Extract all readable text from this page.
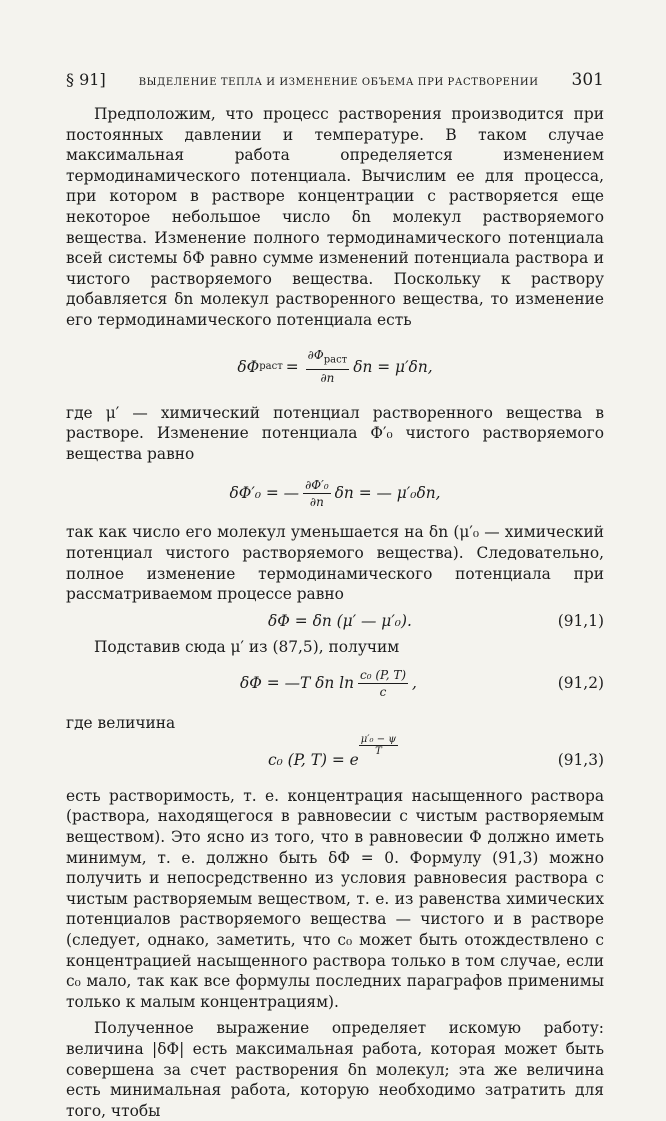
§ 91]	ВЫДЕЛЕНИЕ ТЕПЛА И ИЗМЕНЕНИЕ ОБЪЕМА ПРИ РАСТВОРЕНИИ 301

Предположим, что процесс растворения производится при постоянных давлении и температуре. В таком случае максимальная работа определяется изменением термодинамического потенциала. Вычислим ее для процесса, при котором в растворе концентрации c растворяется еще некоторое небольшое число δn молекул растворяемого вещества. Изменение полного термодинамического потенциала всей системы δΦ равно сумме изменений потенциала раствора и чистого растворяемого вещества. Поскольку к раствору добавляется δn молекул растворенного вещества, то изменение его термодинамического потенциала есть

δΦ раст = $\frac{\partial\Phi_{раст}}{\partial n}$ δn = μ′δn,

где μ′ — химический потенциал растворенного вещества в растворе. Изменение потенциала Φ′₀ чистого растворяемого вещества равно

δΦ′₀ = — $\frac{\text{∂Φ′₀}}{\partial n}$ δn = — μ′₀δn,

так как число его молекул уменьшается на δn (μ′₀ — химический потенциал чистого растворяемого вещества). Следовательно, полное изменение термодинамического потенциала при рассматриваемом процессе равно

δΦ = δn (μ′ — μ′₀).	(91,1)

Подставив сюда μ′ из (87,5), получим

δΦ = —T δn $\ln \frac{\text{c₀ (P, T)}}{c}$ ,	(91,2)

где величина

c₀ (P, T) = e
$\frac{\text{μ′₀ − ψ}}{T}$
(91,3)

есть растворимость, т. е. концентрация насыщенного раствора (раствора, находящегося в равновесии с чистым растворяемым веществом). Это ясно из того, что в равновесии Φ должно иметь минимум, т. е. должно быть δΦ = 0. Формулу (91,3) можно получить и непосредственно из условия равновесия раствора с чистым растворяемым веществом, т. е. из равенства химических потенциалов растворяемого вещества — чистого и в растворе (следует, однако, заметить, что c₀ может быть отождествлено с концентрацией насыщенного раствора только в том случае, если c₀ мало, так как все формулы последних параграфов применимы только к малым концентрациям).

Полученное выражение определяет искомую работу: величина |δΦ| есть максимальная работа, которая может быть совершена за счет растворения δn молекул; эта же величина есть минимальная работа, которую необходимо затратить для того, чтобы
